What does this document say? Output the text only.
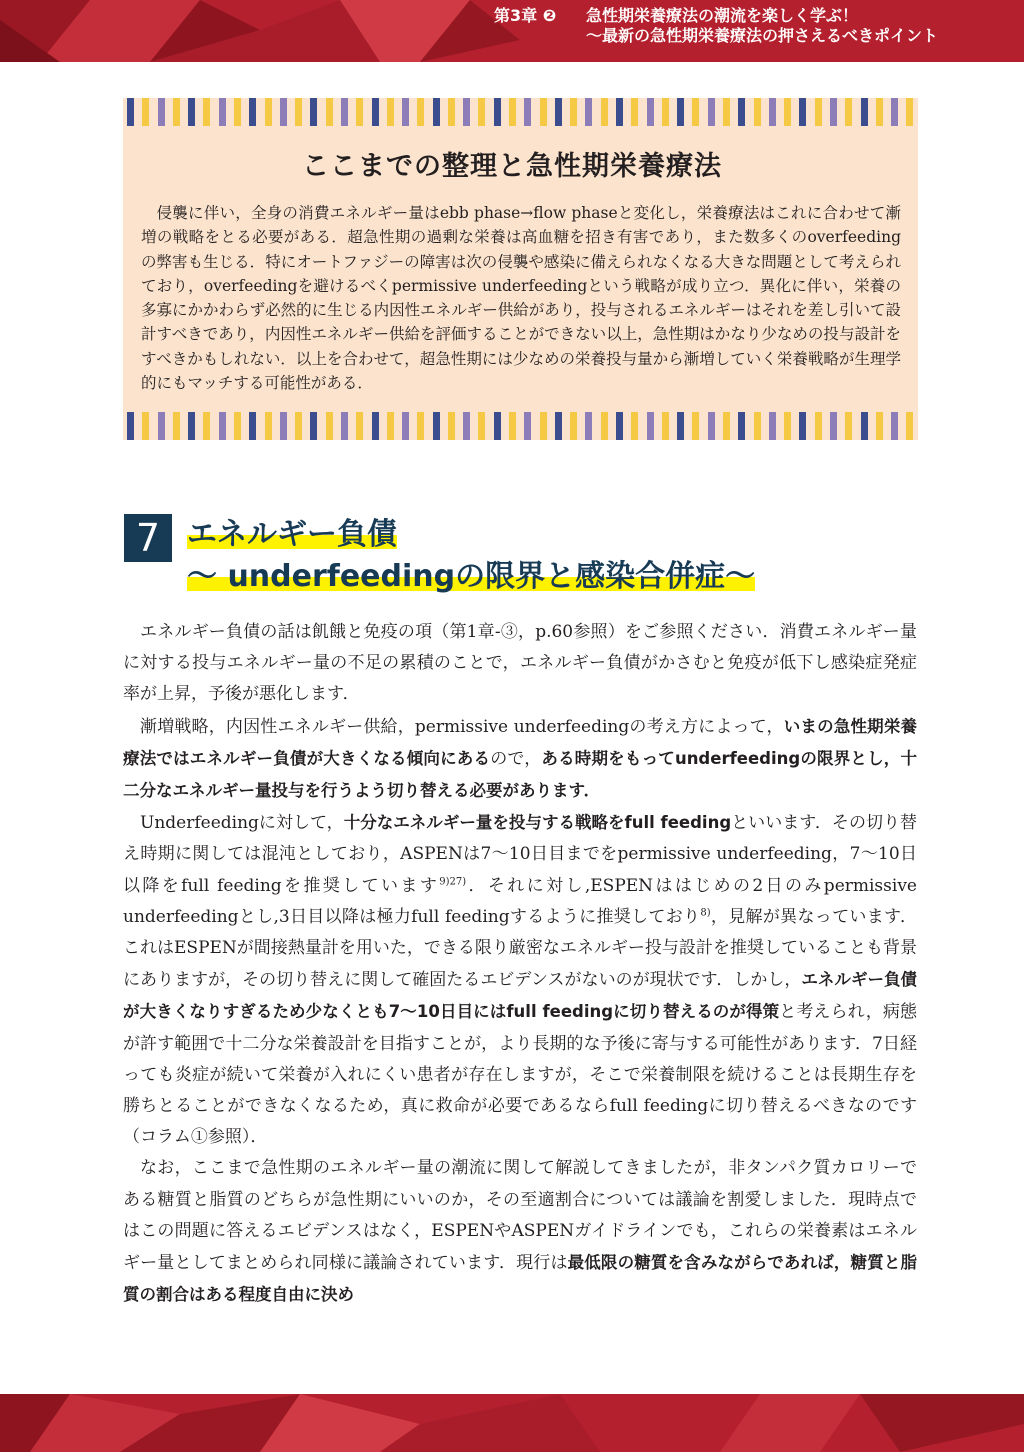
第3章 ❷	急性期栄養療法の潮流を楽しく学ぶ！
〜最新の急性期栄養療法の押さえるべきポイント
ここまでの整理と急性期栄養療法
侵襲に伴い，全身の消費エネルギー量はebb phase→flow phaseと変化し，栄養療法はこれに合わせて漸増の戦略をとる必要がある．超急性期の過剰な栄養は高血糖を招き有害であり，また数多くのoverfeedingの弊害も生じる．特にオートファジーの障害は次の侵襲や感染に備えられなくなる大きな問題として考えられており，overfeedingを避けるべくpermissive underfeedingという戦略が成り立つ．異化に伴い，栄養の多寡にかかわらず必然的に生じる内因性エネルギー供給があり，投与されるエネルギーはそれを差し引いて設計すべきであり，内因性エネルギー供給を評価することができない以上，急性期はかなり少なめの投与設計をすべきかもしれない．以上を合わせて，超急性期には少なめの栄養投与量から漸増していく栄養戦略が生理学的にもマッチする可能性がある．
7 エネルギー負債
〜 underfeedingの限界と感染合併症〜

エネルギー負債の話は飢餓と免疫の項（第1章-③，p.60参照）をご参照ください．消費エネルギー量に対する投与エネルギー量の不足の累積のことで，エネルギー負債がかさむと免疫が低下し感染症発症率が上昇，予後が悪化します．

漸増戦略，内因性エネルギー供給，permissive underfeedingの考え方によって，いまの急性期栄養療法ではエネルギー負債が大きくなる傾向にあるので，ある時期をもってunderfeedingの限界とし，十二分なエネルギー量投与を行うよう切り替える必要があります．

Underfeedingに対して，十分なエネルギー量を投与する戦略をfull feedingといいます．その切り替え時期に関しては混沌としており，ASPENは7〜10日目までをpermissive underfeeding，7〜10日以降をfull feedingを推奨しています$^{9)27)}$．それに対し,ESPENははじめの2日のみpermissive underfeedingとし,3日目以降は極力full feedingするように推奨しており$^{8)}$，見解が異なっています．これはESPENが間接熱量計を用いた，できる限り厳密なエネルギー投与設計を推奨していることも背景にありますが，その切り替えに関して確固たるエビデンスがないのが現状です．しかし，エネルギー負債が大きくなりすぎるため少なくとも7〜10日目にはfull feedingに切り替えるのが得策と考えられ，病態が許す範囲で十二分な栄養設計を目指すことが，より長期的な予後に寄与する可能性があります．7日経っても炎症が続いて栄養が入れにくい患者が存在しますが，そこで栄養制限を続けることは長期生存を勝ちとることができなくなるため，真に救命が必要であるならfull feedingに切り替えるべきなのです（コラム①参照）．

なお，ここまで急性期のエネルギー量の潮流に関して解説してきましたが，非タンパク質カロリーである糖質と脂質のどちらが急性期にいいのか，その至適割合については議論を割愛しました．現時点ではこの問題に答えるエビデンスはなく，ESPENやASPENガイドラインでも，これらの栄養素はエネルギー量としてまとめられ同様に議論されています．現行は最低限の糖質を含みながらであれば，糖質と脂質の割合はある程度自由に決め

133
